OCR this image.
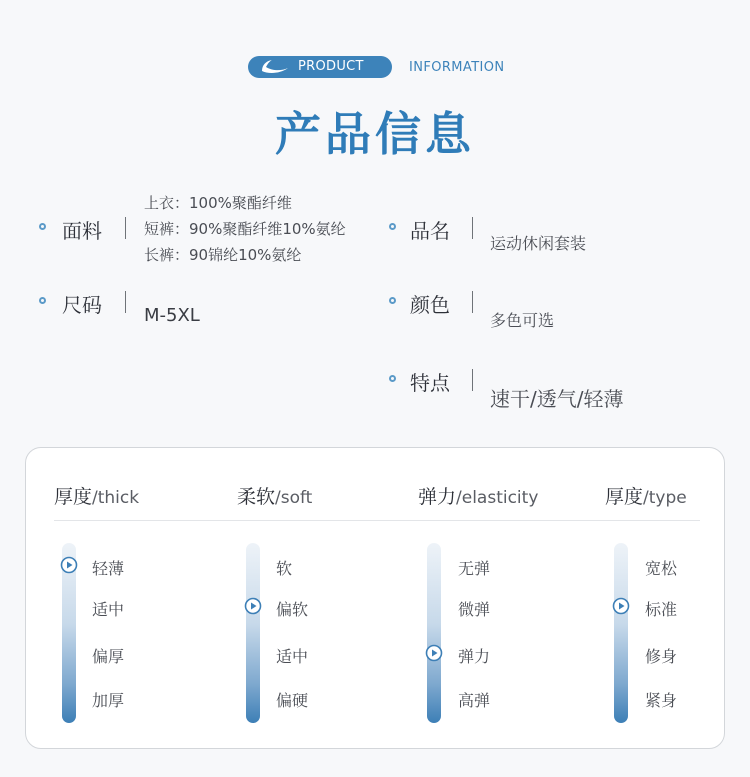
PRODUCT	INFORMATION
产品信息
面料
上衣：100%聚酯纤维
短裤：90%聚酯纤维10%氨纶
长裤：90锦纶10%氨纶
品名
运动休闲套装
尺码 M-5XL	颜色
多色可选
特点
速干/透气/轻薄
厚度/thick
轻薄
适中
偏厚
加厚
柔软/soft
软
偏软
适中
偏硬
弹力/elasticity
无弹
微弹
弹力
高弹
厚度/type
宽松
标准
修身
紧身
